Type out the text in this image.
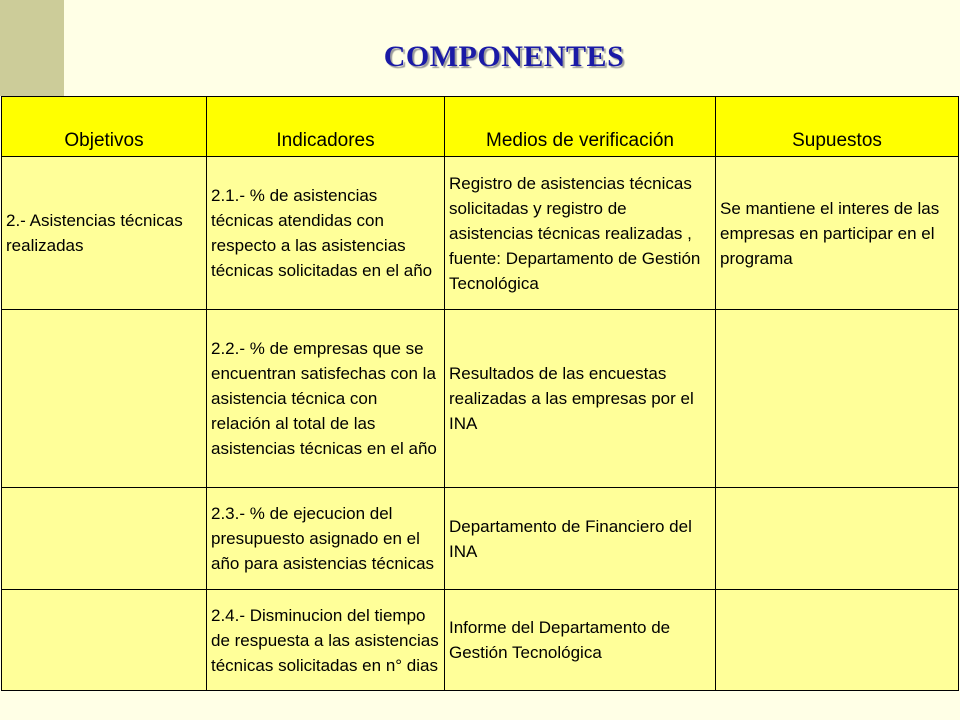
COMPONENTES
Objetivos	Indicadores	Medios de verificación	Supuestos
2.- Asistencias técnicas realizadas	2.1.- % de asistencias técnicas atendidas con respecto a las asistencias técnicas solicitadas en el año	Registro de asistencias técnicas solicitadas y registro de asistencias técnicas realizadas , fuente: Departamento de Gestión Tecnológica	Se mantiene el interes de las empresas en participar en el programa
	2.2.- % de empresas que se encuentran satisfechas con la asistencia técnica con relación al total de las asistencias técnicas en el año	Resultados de las encuestas realizadas a las empresas por el INA	
	2.3.- % de ejecucion del presupuesto asignado en el año para asistencias técnicas	Departamento de Financiero del INA	
	2.4.- Disminucion del tiempo de respuesta a las asistencias técnicas solicitadas en n° dias	Informe del Departamento de Gestión Tecnológica	
